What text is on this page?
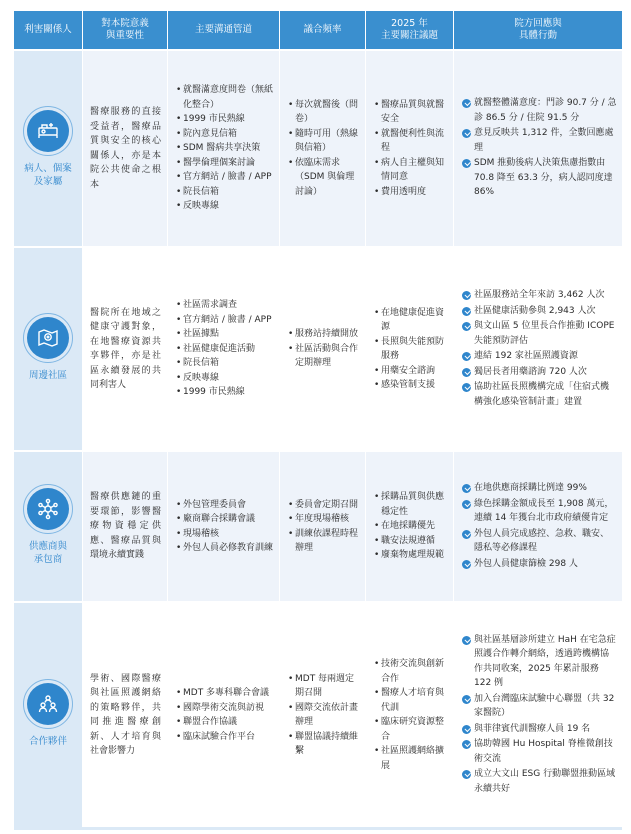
利害關係人
對本院意義
與重要性
主要溝通管道	議合頻率
2025 年
主要關注議題
院方回應與
具體行動
病人、個案
及家屬
醫療服務的直接受益者，醫療品質與安全的核心關係人，亦是本院公共使命之根本
• 就醫滿意度問卷（無紙化整合）
• 1999 市民熱線
• 院內意見信箱
• SDM 醫病共享決策
• 醫學倫理個案討論
• 官方網站 / 臉書 / APP
• 院長信箱
• 反映專線
• 每次就醫後（問卷）
• 隨時可用（熱線與信箱）
• 依臨床需求（SDM 與倫理討論）
• 醫療品質與就醫安全
• 就醫便利性與流程
• 病人自主權與知情同意
• 費用透明度
就醫整體滿意度：門診 90.7 分 / 急診 86.5 分 / 住院 91.5 分
意見反映共 1,312 件，全數回應處理
SDM 推動後病人決策焦慮指數由 70.8 降至 63.3 分，病人認同度達 86%
周邊社區
醫院所在地域之健康守護對象，在地醫療資源共享夥伴，亦是社區永續發展的共同利害人
• 社區需求調查
• 官方網站 / 臉書 / APP
• 社區據點
• 社區健康促進活動
• 院長信箱
• 反映專線
• 1999 市民熱線
• 服務站持續開放
• 社區活動與合作定期辦理
• 在地健康促進資源
• 長照與失能預防服務
• 用藥安全諮詢
• 感染管制支援
社區服務站全年來訪 3,462 人次
社區健康活動參與 2,943 人次
與文山區 5 位里長合作推動 ICOPE 失能預防評估
連結 192 家社區照護資源
獨居長者用藥諮詢 720 人次
協助社區長照機構完成「住宿式機構強化感染管制計畫」建置
供應商與
承包商
醫療供應鏈的重要環節，影響醫療物資穩定供應、醫療品質與環境永續實踐
• 外包管理委員會
• 廠商聯合採購會議
• 現場稽核
• 外包人員必修教育訓練
• 委員會定期召開
• 年度現場稽核
• 訓練依課程時程辦理
• 採購品質與供應穩定性
• 在地採購優先
• 職安法規遵循
• 廢棄物處理規範
在地供應商採購比例達 99%
綠色採購金額成長至 1,908 萬元，連續 14 年獲台北市政府績優肯定
外包人員完成感控、急救、職安、隱私等必修課程
外包人員健康篩檢 298 人
合作夥伴
學術、國際醫療與社區照護網絡的策略夥伴，共同推進醫療創新、人才培育與社會影響力
• MDT 多專科聯合會議
• 國際學術交流與訪視
• 聯盟合作協議
• 臨床試驗合作平台
• MDT 每兩週定期召開
• 國際交流依計畫辦理
• 聯盟協議持續維繫
• 技術交流與創新合作
• 醫療人才培育與代訓
• 臨床研究資源整合
• 社區照護網絡擴展
與社區基層診所建立 HaH 在宅急症照護合作轉介網絡，透過跨機構協作共同收案，2025 年累計服務 122 例
加入台灣臨床試驗中心聯盟（共 32 家醫院）
與菲律賓代訓醫療人員 19 名
協助韓國 Hu Hospital 脊椎微創技術交流
成立大文山 ESG 行動聯盟推動區域永續共好
